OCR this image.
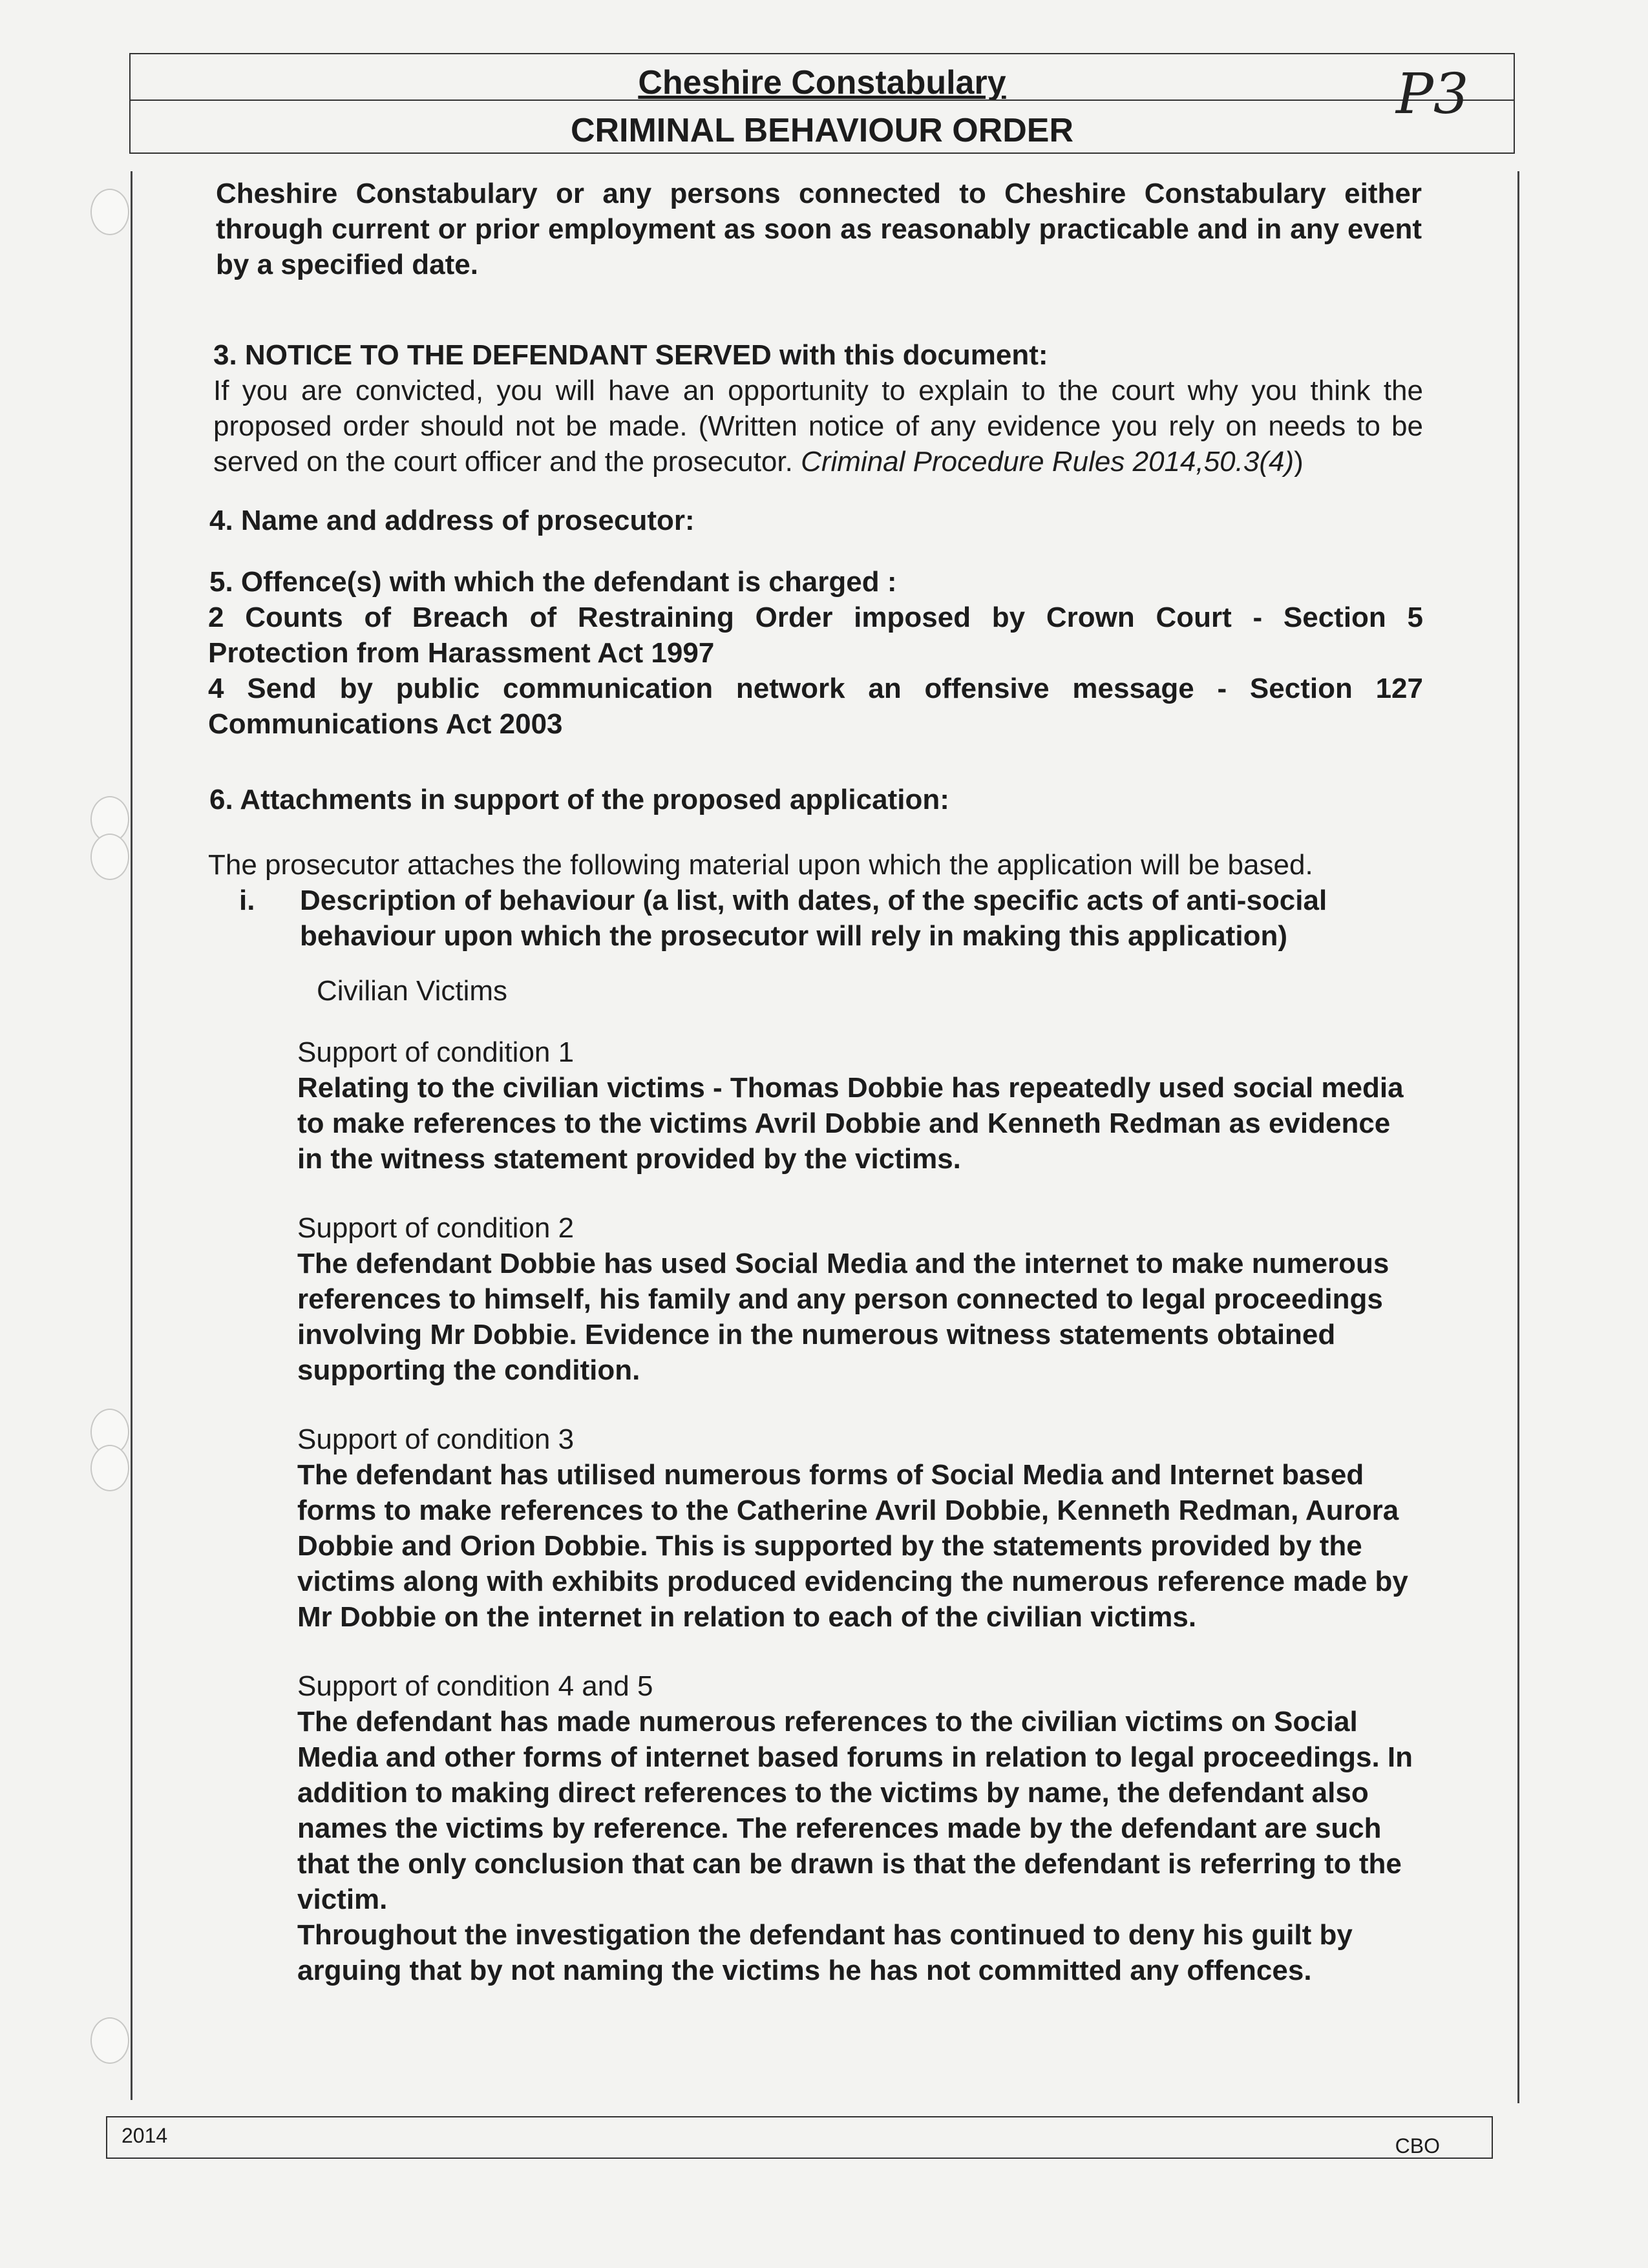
Cheshire Constabulary
CRIMINAL BEHAVIOUR ORDER
P3

Cheshire Constabulary or any persons connected to Cheshire Constabulary either through current or prior employment as soon as reasonably practicable and in any event by a specified date.

3. NOTICE TO THE DEFENDANT SERVED with this document:

If you are convicted, you will have an opportunity to explain to the court why you think the proposed order should not be made. (Written notice of any evidence you rely on needs to be served on the court officer and the prosecutor. Criminal Procedure Rules 2014,50.3(4))

4. Name and address of prosecutor:

5. Offence(s) with which the defendant is charged :

2 Counts of Breach of Restraining Order imposed by Crown Court - Section 5

Protection from Harassment Act 1997

4 Send by public communication network an offensive message - Section 127

Communications Act 2003

6. Attachments in support of the proposed application:

The prosecutor attaches the following material upon which the application will be based.

i. Description of behaviour (a list, with dates, of the specific acts of anti-social behaviour upon which the prosecutor will rely in making this application)

Civilian Victims

Support of condition 1

Relating to the civilian victims - Thomas Dobbie has repeatedly used social media to make references to the victims Avril Dobbie and Kenneth Redman as evidence in the witness statement provided by the victims.

Support of condition 2

The defendant Dobbie has used Social Media and the internet to make numerous references to himself, his family and any person connected to legal proceedings involving Mr Dobbie. Evidence in the numerous witness statements obtained supporting the condition.

Support of condition 3

The defendant has utilised numerous forms of Social Media and Internet based forms to make references to the Catherine Avril Dobbie, Kenneth Redman, Aurora Dobbie and Orion Dobbie. This is supported by the statements provided by the victims along with exhibits produced evidencing the numerous reference made by Mr Dobbie on the internet in relation to each of the civilian victims.

Support of condition 4 and 5

The defendant has made numerous references to the civilian victims on Social Media and other forms of internet based forums in relation to legal proceedings. In addition to making direct references to the victims by name, the defendant also names the victims by reference. The references made by the defendant are such that the only conclusion that can be drawn is that the defendant is referring to the victim.

Throughout the investigation the defendant has continued to deny his guilt by arguing that by not naming the victims he has not committed any offences.

2014	CBO
